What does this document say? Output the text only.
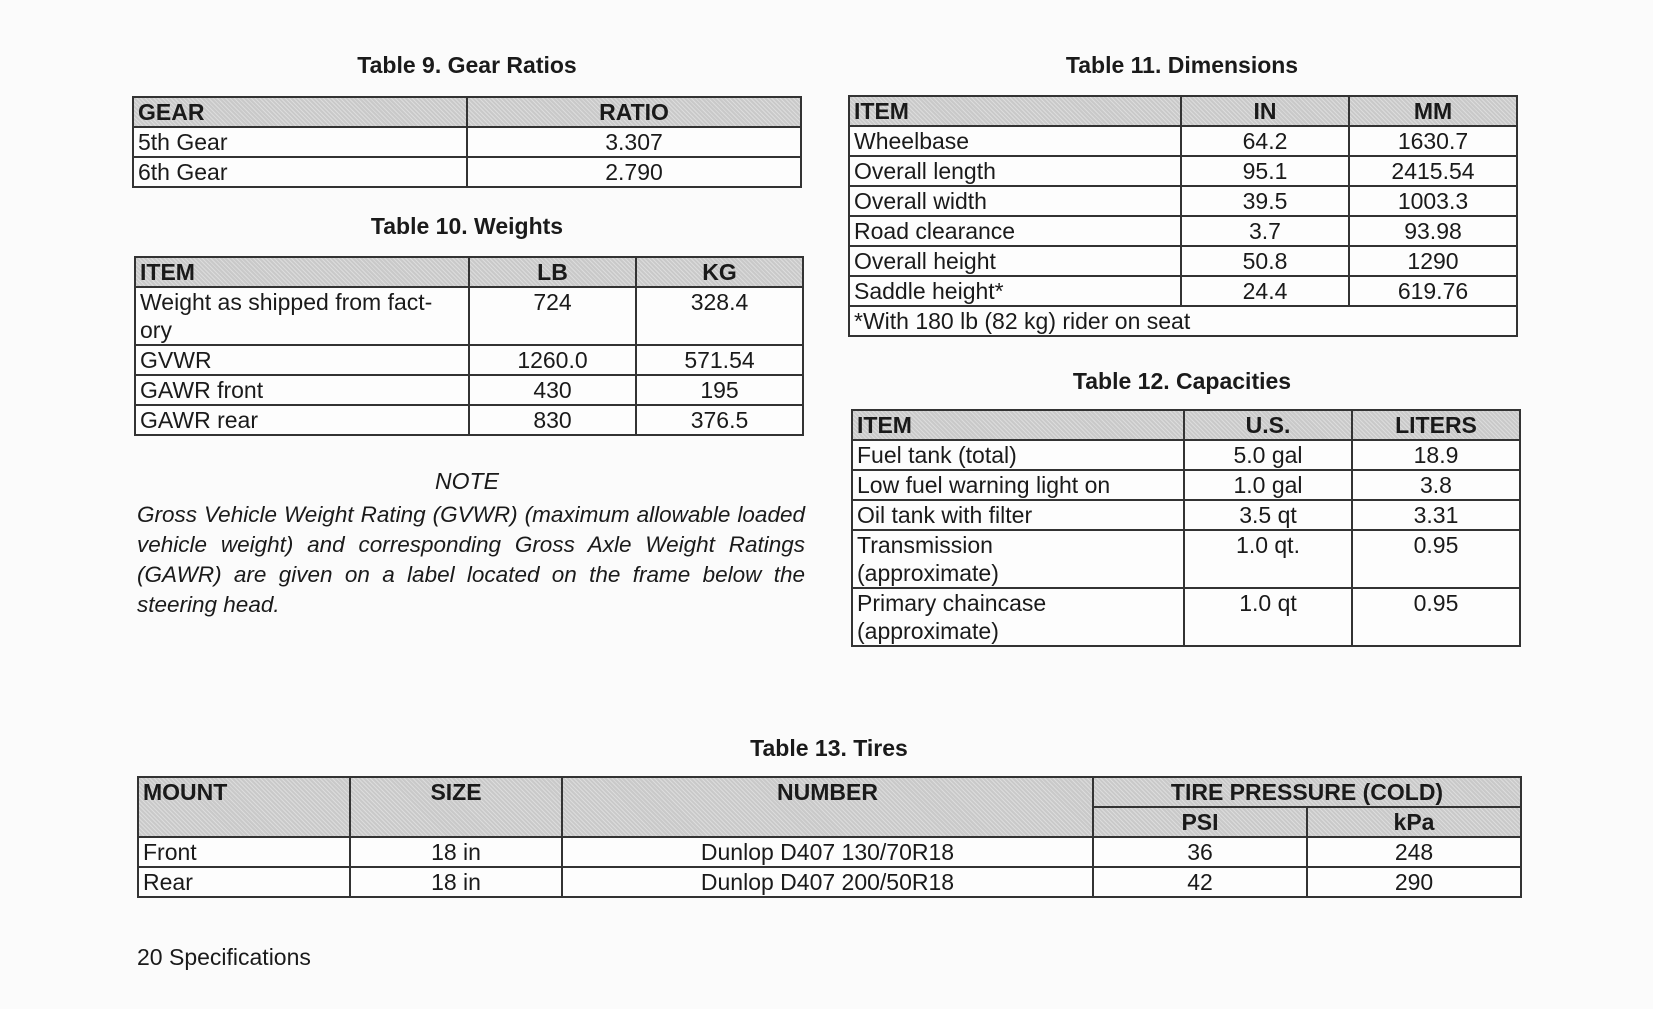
Table 9. Gear Ratios
GEAR	RATIO
5th Gear	3.307
6th Gear	2.790
Table 10. Weights
ITEM	LB	KG
Weight as shipped from fact-
ory	724	328.4
GVWR	1260.0	571.54
GAWR front	430	195
GAWR rear	830	376.5
NOTE
Gross Vehicle Weight Rating (GVWR) (maximum allowable loaded vehicle weight) and corresponding Gross Axle Weight Ratings (GAWR) are given on a label located on the frame below the steering head.
Table 11. Dimensions
ITEM	IN	MM
Wheelbase	64.2	1630.7
Overall length	95.1	2415.54
Overall width	39.5	1003.3
Road clearance	3.7	93.98
Overall height	50.8	1290
Saddle height*	24.4	619.76
*With 180 lb (82 kg) rider on seat		
Table 12. Capacities
ITEM	U.S.	LITERS
Fuel tank (total)	5.0 gal	18.9
Low fuel warning light on	1.0 gal	3.8
Oil tank with filter	3.5 qt	3.31
Transmission
(approximate)	1.0 qt.	0.95
Primary chaincase
(approximate)	1.0 qt	0.95
Table 13. Tires
MOUNT	SIZE	NUMBER	TIRE PRESSURE (COLD)	
			PSI	kPa
Front	18 in	Dunlop D407 130/70R18	36	248
Rear	18 in	Dunlop D407 200/50R18	42	290
20 Specifications
